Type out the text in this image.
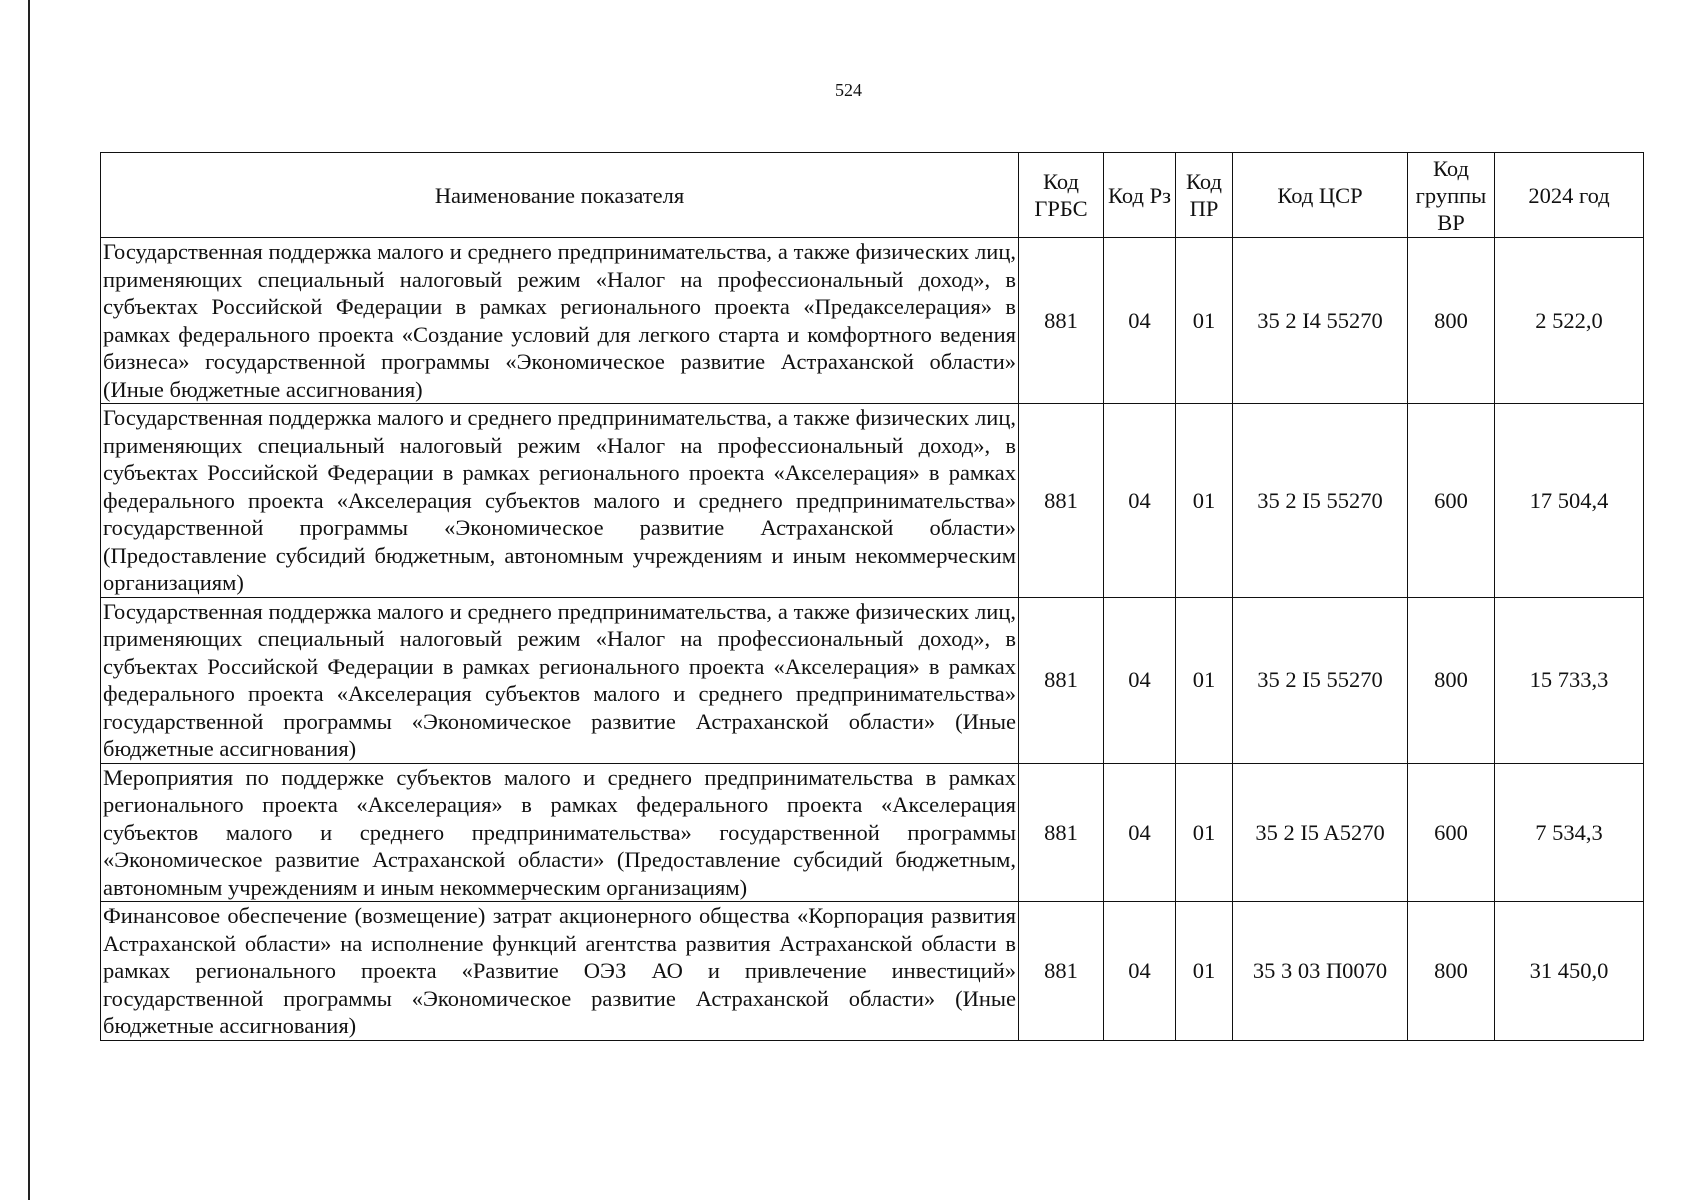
524
Наименование показателя	Код ГРБС	Код Рз	Код ПР	Код ЦСР	Код группы ВР	2024 год
Государственная поддержка малого и среднего предпринимательства, а также физических лиц, применяющих специальный налоговый режим «Налог на профессиональный доход», в субъектах Российской Федерации в рамках регионального проекта «Предакселерация» в рамках федерального проекта «Создание условий для легкого старта и комфортного ведения бизнеса» государственной программы «Экономическое развитие Астраханской области» (Иные бюджетные ассигнования)	881	04	01	35 2 I4 55270	800	2 522,0
Государственная поддержка малого и среднего предпринимательства, а также физических лиц, применяющих специальный налоговый режим «Налог на профессиональный доход», в субъектах Российской Федерации в рамках регионального проекта «Акселерация» в рамках федерального проекта «Акселерация субъектов малого и среднего предпринимательства» государственной программы «Экономическое развитие Астраханской области» (Предоставление субсидий бюджетным, автономным учреждениям и иным некоммерческим организациям)	881	04	01	35 2 I5 55270	600	17 504,4
Государственная поддержка малого и среднего предпринимательства, а также физических лиц, применяющих специальный налоговый режим «Налог на профессиональный доход», в субъектах Российской Федерации в рамках регионального проекта «Акселерация» в рамках федерального проекта «Акселерация субъектов малого и среднего предпринимательства» государственной программы «Экономическое развитие Астраханской области» (Иные бюджетные ассигнования)	881	04	01	35 2 I5 55270	800	15 733,3
Мероприятия по поддержке субъектов малого и среднего предпринимательства в рамках регионального проекта «Акселерация» в рамках федерального проекта «Акселерация субъектов малого и среднего предпринимательства» государственной программы «Экономическое развитие Астраханской области» (Предоставление субсидий бюджетным, автономным учреждениям и иным некоммерческим организациям)	881	04	01	35 2 I5 A5270	600	7 534,3
Финансовое обеспечение (возмещение) затрат акционерного общества «Корпорация развития Астраханской области» на исполнение функций агентства развития Астраханской области в рамках регионального проекта «Развитие ОЭЗ АО и привлечение инвестиций» государственной программы «Экономическое развитие Астраханской области» (Иные бюджетные ассигнования)	881	04	01	35 3 03 П0070	800	31 450,0
